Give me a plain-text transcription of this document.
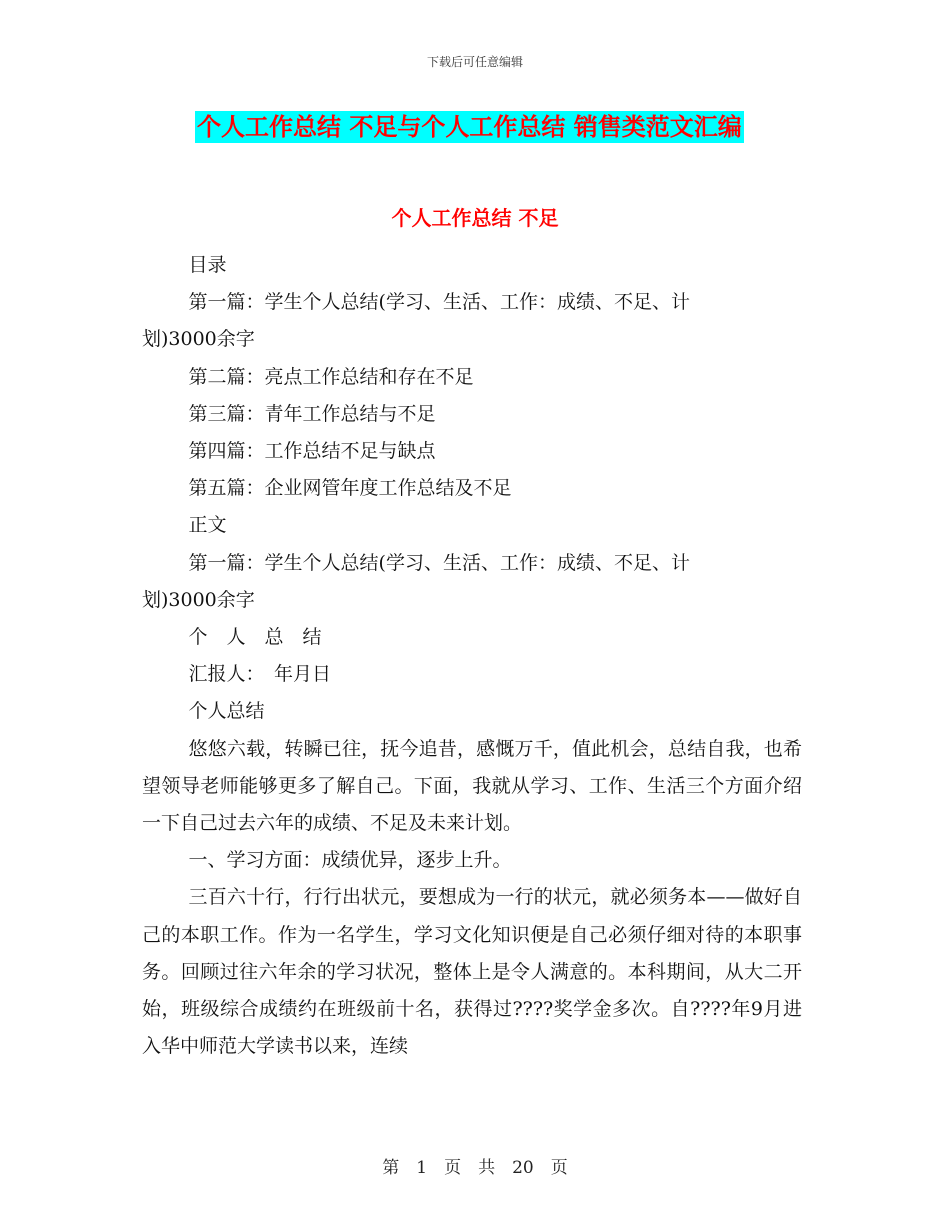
下载后可任意编辑
个人工作总结 不足与个人工作总结 销售类范文汇编
个人工作总结 不足

目录

第一篇：学生个人总结(学习、生活、工作：成绩、不足、计

划)3000余字

第二篇：亮点工作总结和存在不足

第三篇：青年工作总结与不足

第四篇：工作总结不足与缺点

第五篇：企业网管年度工作总结及不足

正文

第一篇：学生个人总结(学习、生活、工作：成绩、不足、计

划)3000余字

个　人　总　结

汇报人：　年月日

个人总结

悠悠六载，转瞬已往，抚今追昔，感慨万千，值此机会，总结自我，也希望领导老师能够更多了解自己。下面，我就从学习、工作、生活三个方面介绍一下自己过去六年的成绩、不足及未来计划。

一、学习方面：成绩优异，逐步上升。

三百六十行，行行出状元，要想成为一行的状元，就必须务本——做好自己的本职工作。作为一名学生，学习文化知识便是自己必须仔细对待的本职事务。回顾过往六年余的学习状况，整体上是令人满意的。本科期间，从大二开始，班级综合成绩约在班级前十名，获得过????奖学金多次。自????年9月进入华中师范大学读书以来，连续

第　1　页　共　20　页
